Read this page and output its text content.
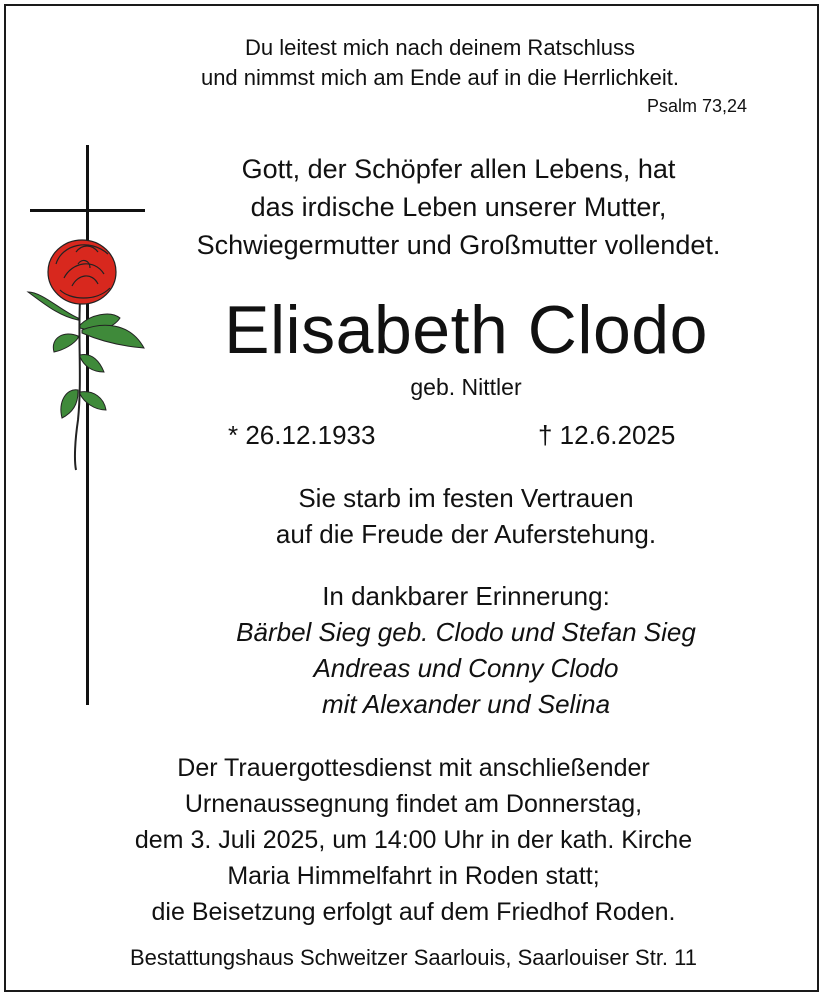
Du leitest mich nach deinem Ratschluss
und nimmst mich am Ende auf in die Herrlichkeit.
Psalm 73,24
Gott, der Schöpfer allen Lebens, hat
das irdische Leben unserer Mutter,
Schwiegermutter und Großmutter vollendet.
Elisabeth Clodo
geb. Nittler
* 26.12.1933	† 12.6.2025
Sie starb im festen Vertrauen
auf die Freude der Auferstehung.
In dankbarer Erinnerung:
Bärbel Sieg geb. Clodo und Stefan Sieg
Andreas und Conny Clodo
mit Alexander und Selina
Der Trauergottesdienst mit anschließender
Urnenaussegnung findet am Donnerstag,
dem 3. Juli 2025, um 14:00 Uhr in der kath. Kirche
Maria Himmelfahrt in Roden statt;
die Beisetzung erfolgt auf dem Friedhof Roden.
Bestattungshaus Schweitzer Saarlouis, Saarlouiser Str. 11
